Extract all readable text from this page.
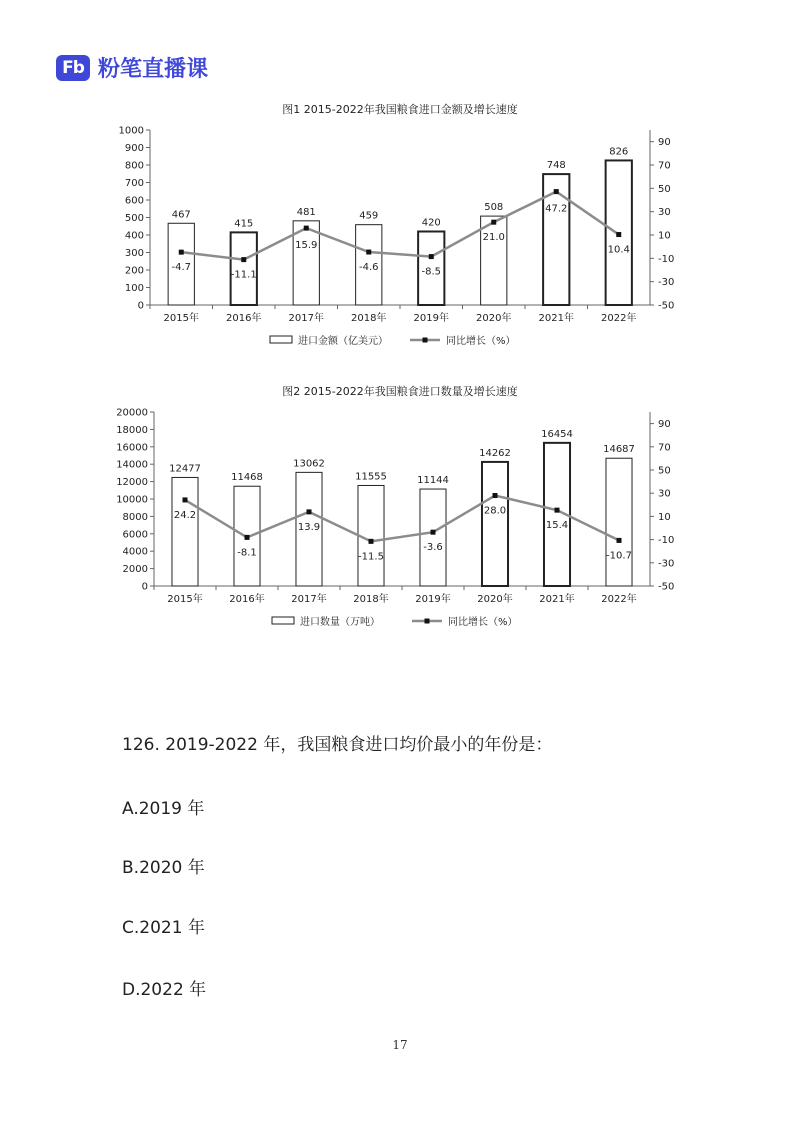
Fb 粉笔直播课
图1 2015-2022年我国粮食进口金额及增长速度
0
100
200
300
400
500
600
700
800
900
1000
-50
-30
-10
10
30
50
70
90
467
2015年
415
2016年
481
2017年
459
2018年
420
2019年
508
2020年
748
2021年
826
2022年
-4.7
-11.1
15.9
-4.6	-8.5
21.0
47.2
10.4
进口金额（亿美元）	同比增长（%）
图2 2015-2022年我国粮食进口数量及增长速度
0
2000
4000
6000
8000
10000
12000
14000
16000
18000
20000
-50
-30
-10
10
30
50
70
90
12477
2015年
11468
2016年
13062
2017年
11555
2018年
11144
2019年
14262
2020年
16454
2021年
14687
2022年
24.2
-8.1
13.9
-11.5
-3.6
28.0
15.4
-10.7
进口数量（万吨）	同比增长（%）
126. 2019-2022 年，我国粮食进口均价最小的年份是：
A.2019 年
B.2020 年
C.2021 年
D.2022 年
17
